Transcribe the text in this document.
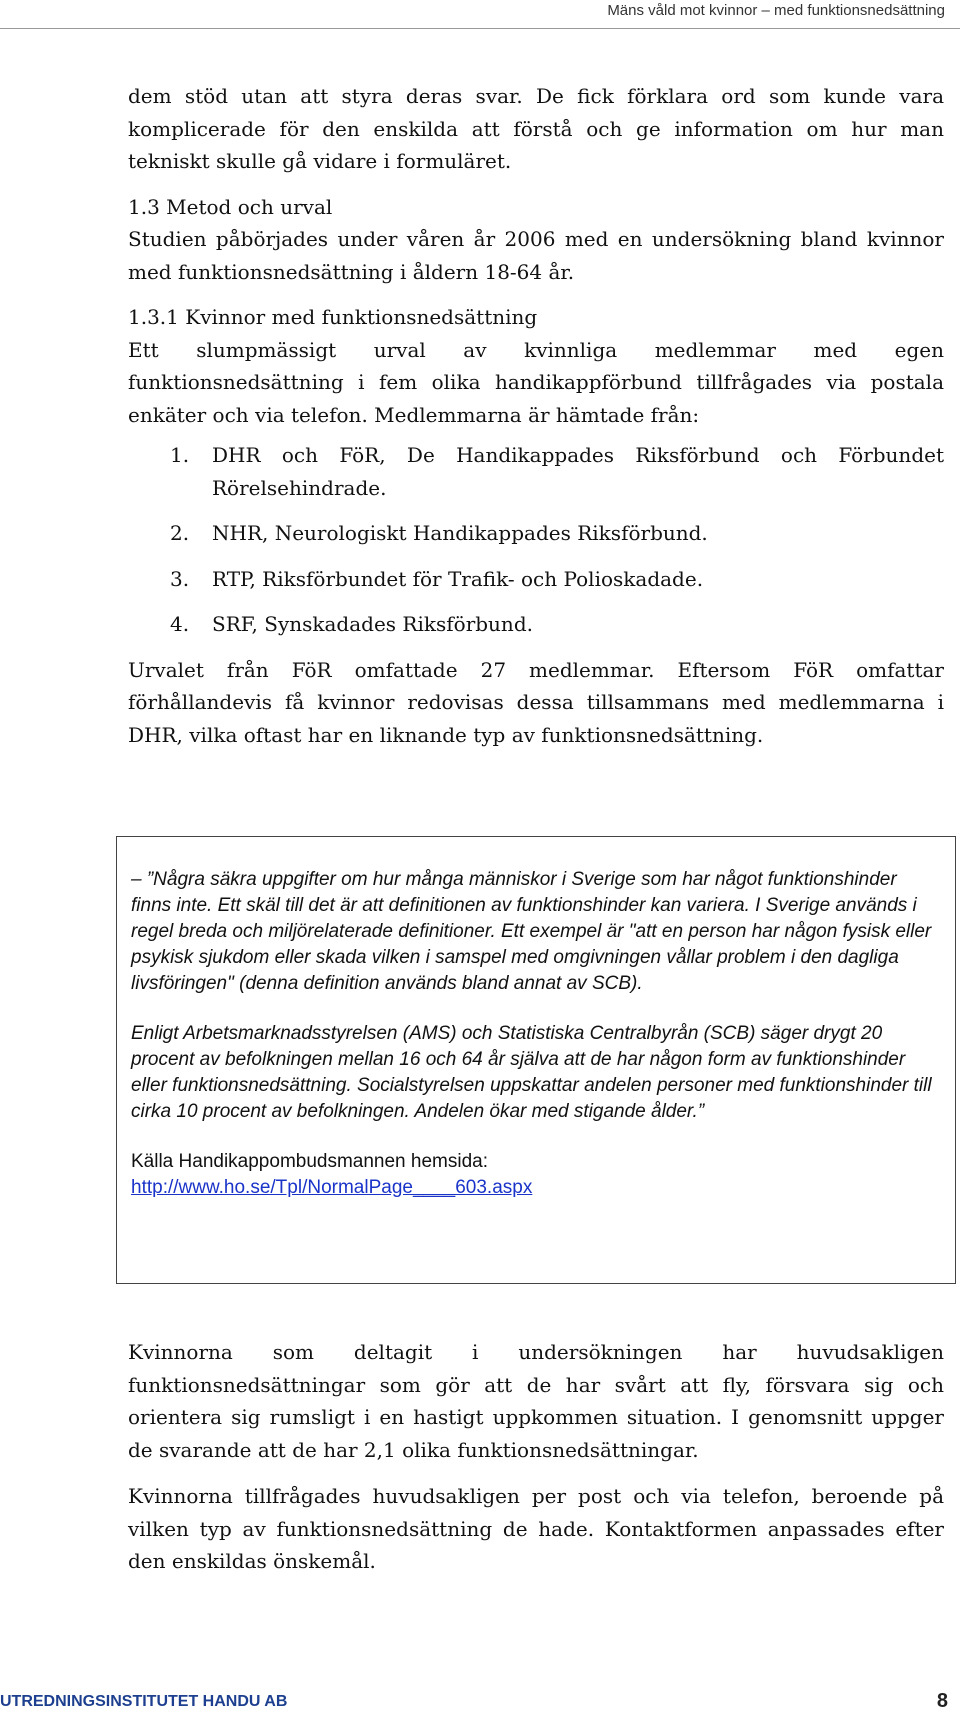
Mäns våld mot kvinnor – med funktionsnedsättning

dem stöd utan att styra deras svar. De fick förklara ord som kunde vara komplicerade för den enskilda att förstå och ge information om hur man tekniskt skulle gå vidare i formuläret.

1.3 Metod och urval

Studien påbörjades under våren år 2006 med en undersökning bland kvinnor med funktionsnedsättning i åldern 18-64 år.

1.3.1 Kvinnor med funktionsnedsättning

Ett slumpmässigt urval av kvinnliga medlemmar med egen funktionsnedsättning i fem olika handikappförbund tillfrågades via postala enkäter och via telefon. Medlemmarna är hämtade från:

1.	DHR och FöR, De Handikappades Riksförbund och Förbundet Rörelsehindrade.
2.	NHR, Neurologiskt Handikappades Riksförbund.
3.	RTP, Riksförbundet för Trafik- och Polioskadade.
4.	SRF, Synskadades Riksförbund.

Urvalet från FöR omfattade 27 medlemmar. Eftersom FöR omfattar förhållandevis få kvinnor redovisas dessa tillsammans med medlemmarna i DHR, vilka oftast har en liknande typ av funktionsnedsättning.

– ”Några säkra uppgifter om hur många människor i Sverige som har något funktionshinder finns inte. Ett skäl till det är att definitionen av funktionshinder kan variera. I Sverige används i regel breda och miljörelaterade definitioner. Ett exempel är "att en person har någon fysisk eller psykisk sjukdom eller skada vilken i samspel med omgivningen vållar problem i den dagliga livsföringen" (denna definition används bland annat av SCB).

Enligt Arbetsmarknadsstyrelsen (AMS) och Statistiska Centralbyrån (SCB) säger drygt 20 procent av befolkningen mellan 16 och 64 år själva att de har någon form av funktionshinder eller funktionsnedsättning. Socialstyrelsen uppskattar andelen personer med funktionshinder till cirka 10 procent av befolkningen. Andelen ökar med stigande ålder.”

Källa Handikappombudsmannen hemsida:

http://www.ho.se/Tpl/NormalPage____603.aspx

Kvinnorna som deltagit i undersökningen har huvudsakligen funktionsnedsättningar som gör att de har svårt att fly, försvara sig och orientera sig rumsligt i en hastigt uppkommen situation. I genomsnitt uppger de svarande att de har 2,1 olika funktionsnedsättningar.

Kvinnorna tillfrågades huvudsakligen per post och via telefon, beroende på vilken typ av funktionsnedsättning de hade. Kontaktformen anpassades efter den enskildas önskemål.

UTREDNINGSINSTITUTET HANDU AB	8
